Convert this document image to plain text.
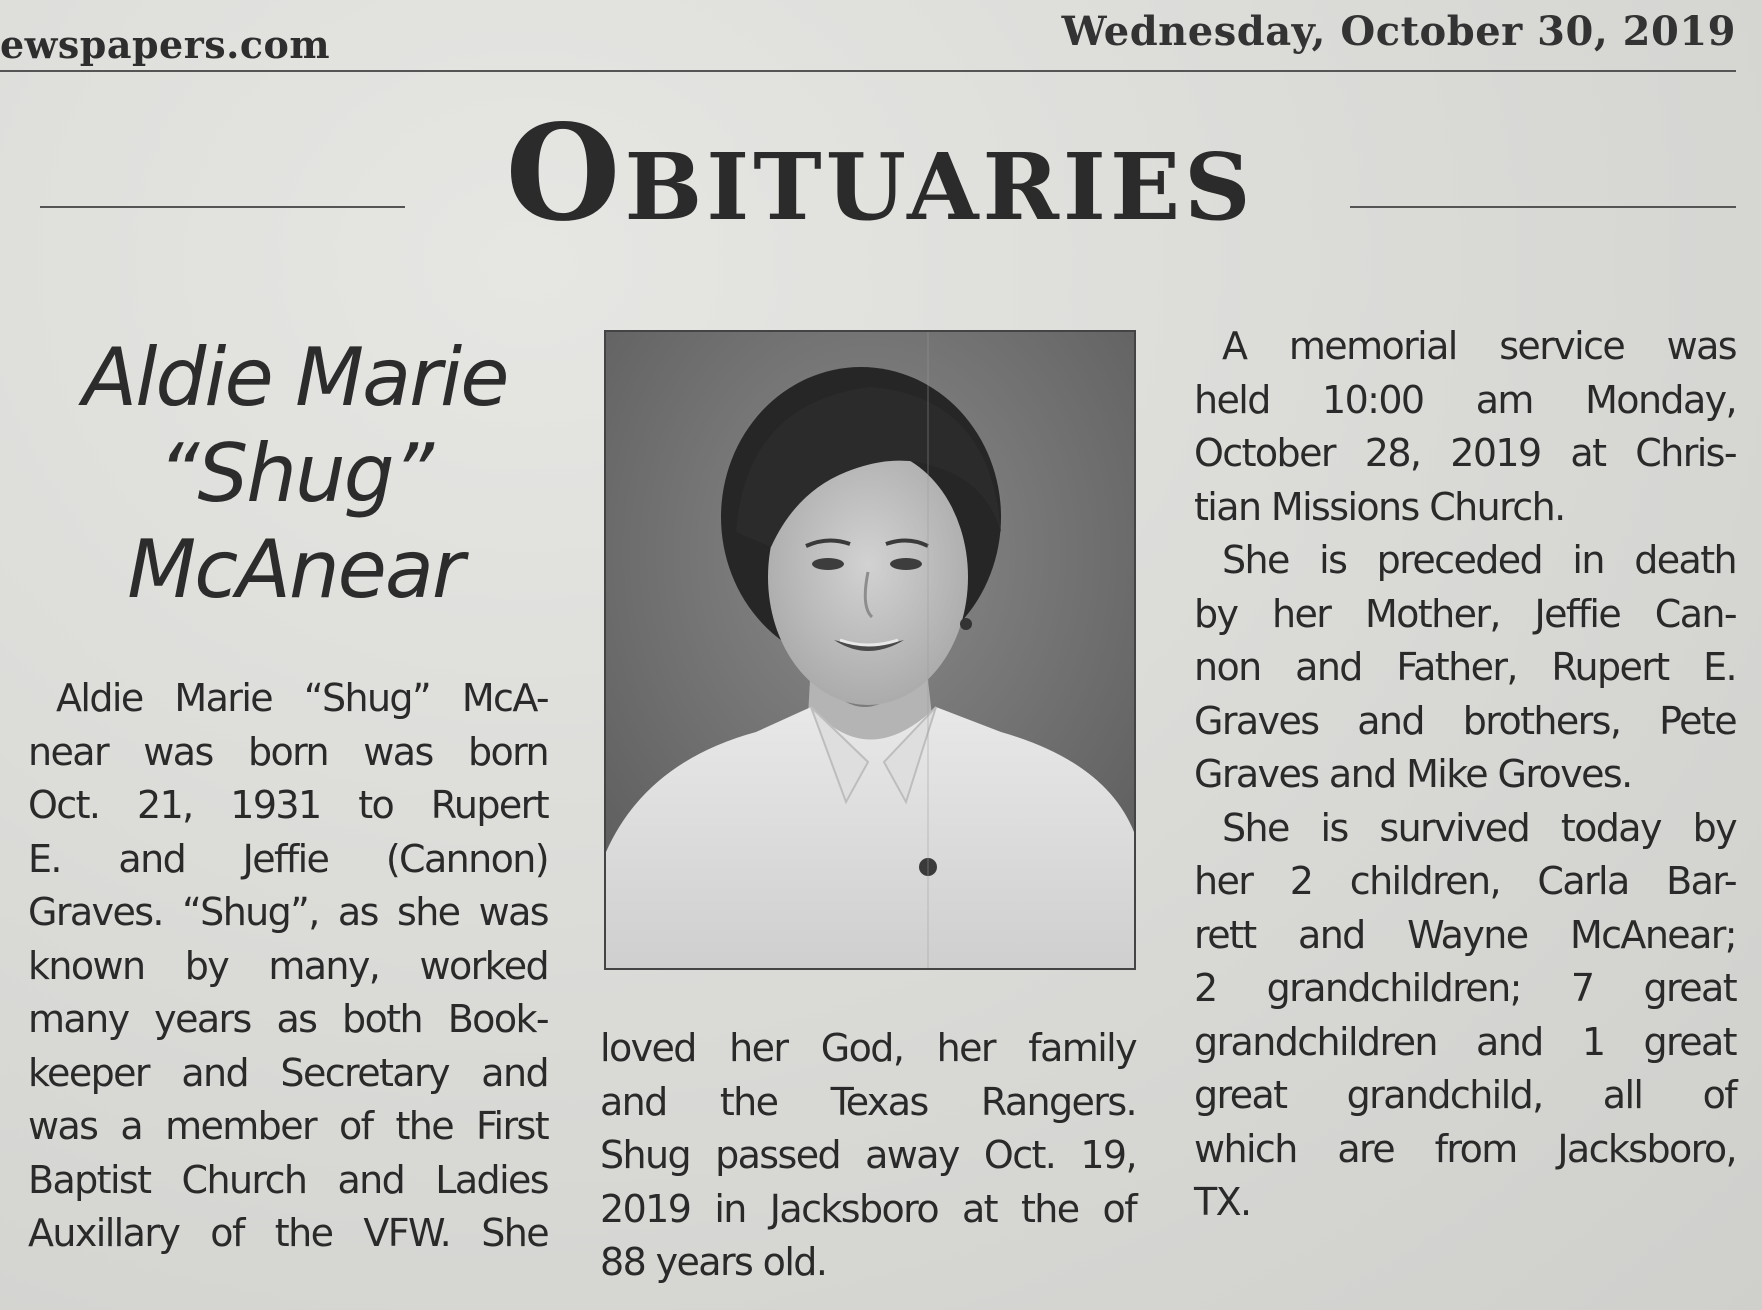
ewspapers.com	Wednesday, October 30, 2019
Obituaries
Aldie Marie
“Shug”
McAnear
Aldie Marie “Shug” McA-
near was born was born
Oct. 21, 1931 to Rupert
E. and Jeffie (Cannon)
Graves. “Shug”, as she was
known by many, worked
many years as both Book-
keeper and Secretary and
was a member of the First
Baptist Church and Ladies
Auxillary of the VFW. She
loved her God, her family
and the Texas Rangers.
Shug passed away Oct. 19,
2019 in Jacksboro at the of
88 years old.
A memorial service was
held 10:00 am Monday,
October 28, 2019 at Chris-
tian Missions Church.
She is preceded in death
by her Mother, Jeffie Can-
non and Father, Rupert E.
Graves and brothers, Pete
Graves and Mike Groves.
She is survived today by
her 2 children, Carla Bar-
rett and Wayne McAnear;
2 grandchildren; 7 great
grandchildren and 1 great
great grandchild, all of
which are from Jacksboro,
TX.
